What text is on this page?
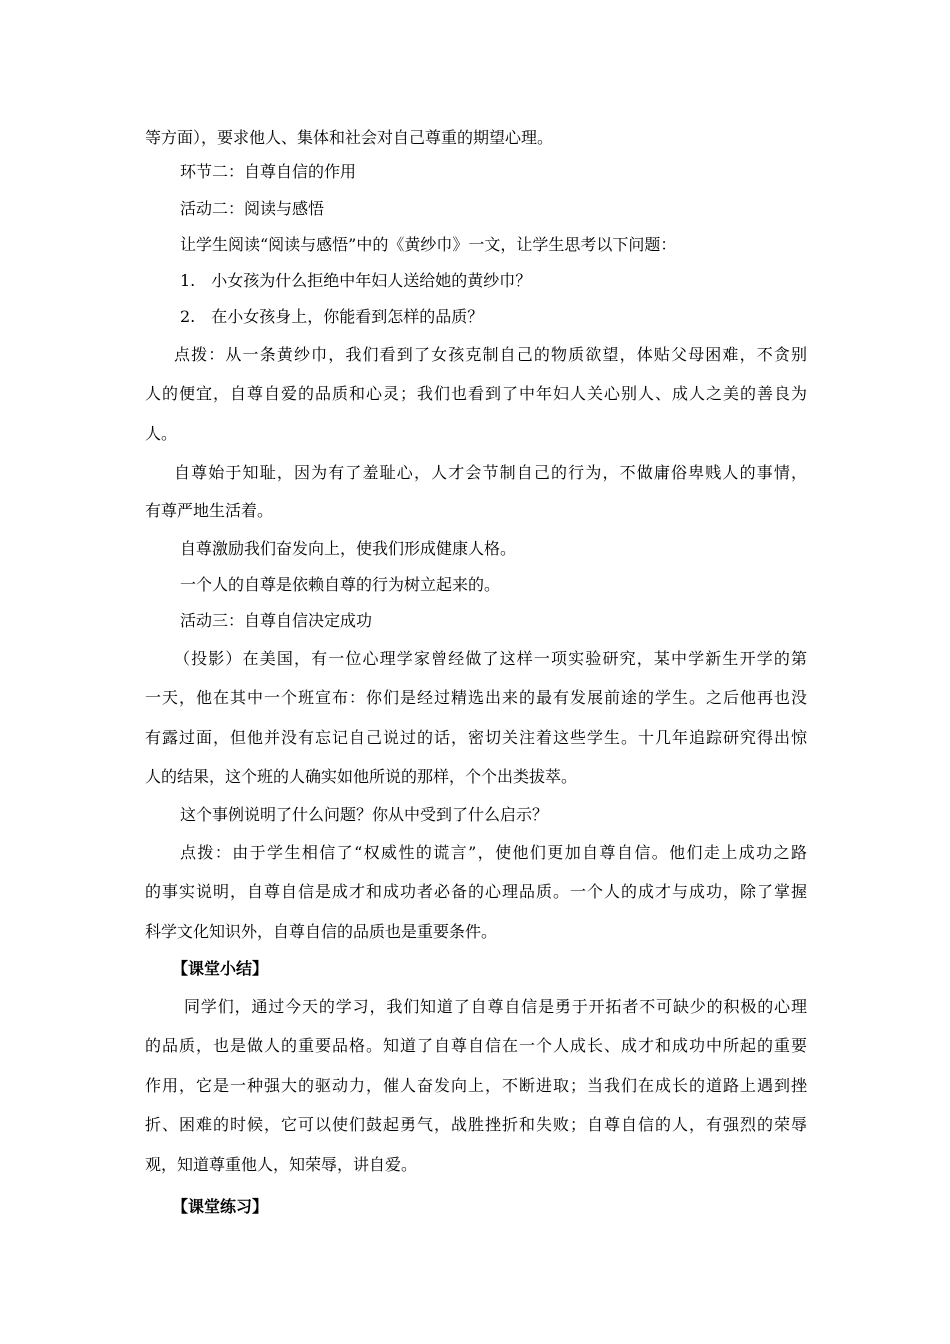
等方面），要求他人、集体和社会对自己尊重的期望心理。

环节二：自尊自信的作用

活动二：阅读与感悟

让学生阅读“阅读与感悟”中的《黄纱巾》一文，让学生思考以下问题：

1.　小女孩为什么拒绝中年妇人送给她的黄纱巾？

2.　在小女孩身上，你能看到怎样的品质？

点拨：从一条黄纱巾，我们看到了女孩克制自己的物质欲望，体贴父母困难，不贪别

人的便宜，自尊自爱的品质和心灵；我们也看到了中年妇人关心别人、成人之美的善良为

人。

自尊始于知耻，因为有了羞耻心，人才会节制自己的行为，不做庸俗卑贱人的事情，

有尊严地生活着。

自尊激励我们奋发向上，使我们形成健康人格。

一个人的自尊是依赖自尊的行为树立起来的。

活动三：自尊自信决定成功

（投影）在美国，有一位心理学家曾经做了这样一项实验研究，某中学新生开学的第

一天，他在其中一个班宣布：你们是经过精选出来的最有发展前途的学生。之后他再也没

有露过面，但他并没有忘记自己说过的话，密切关注着这些学生。十几年追踪研究得出惊

人的结果，这个班的人确实如他所说的那样，个个出类拔萃。

这个事例说明了什么问题？你从中受到了什么启示？

点拨：由于学生相信了“权威性的谎言”，使他们更加自尊自信。他们走上成功之路

的事实说明，自尊自信是成才和成功者必备的心理品质。一个人的成才与成功，除了掌握

科学文化知识外，自尊自信的品质也是重要条件。

【课堂小结】

同学们，通过今天的学习，我们知道了自尊自信是勇于开拓者不可缺少的积极的心理

的品质，也是做人的重要品格。知道了自尊自信在一个人成长、成才和成功中所起的重要

作用，它是一种强大的驱动力，催人奋发向上，不断进取；当我们在成长的道路上遇到挫

折、困难的时候，它可以使们鼓起勇气，战胜挫折和失败；自尊自信的人，有强烈的荣辱

观，知道尊重他人，知荣辱，讲自爱。

【课堂练习】
